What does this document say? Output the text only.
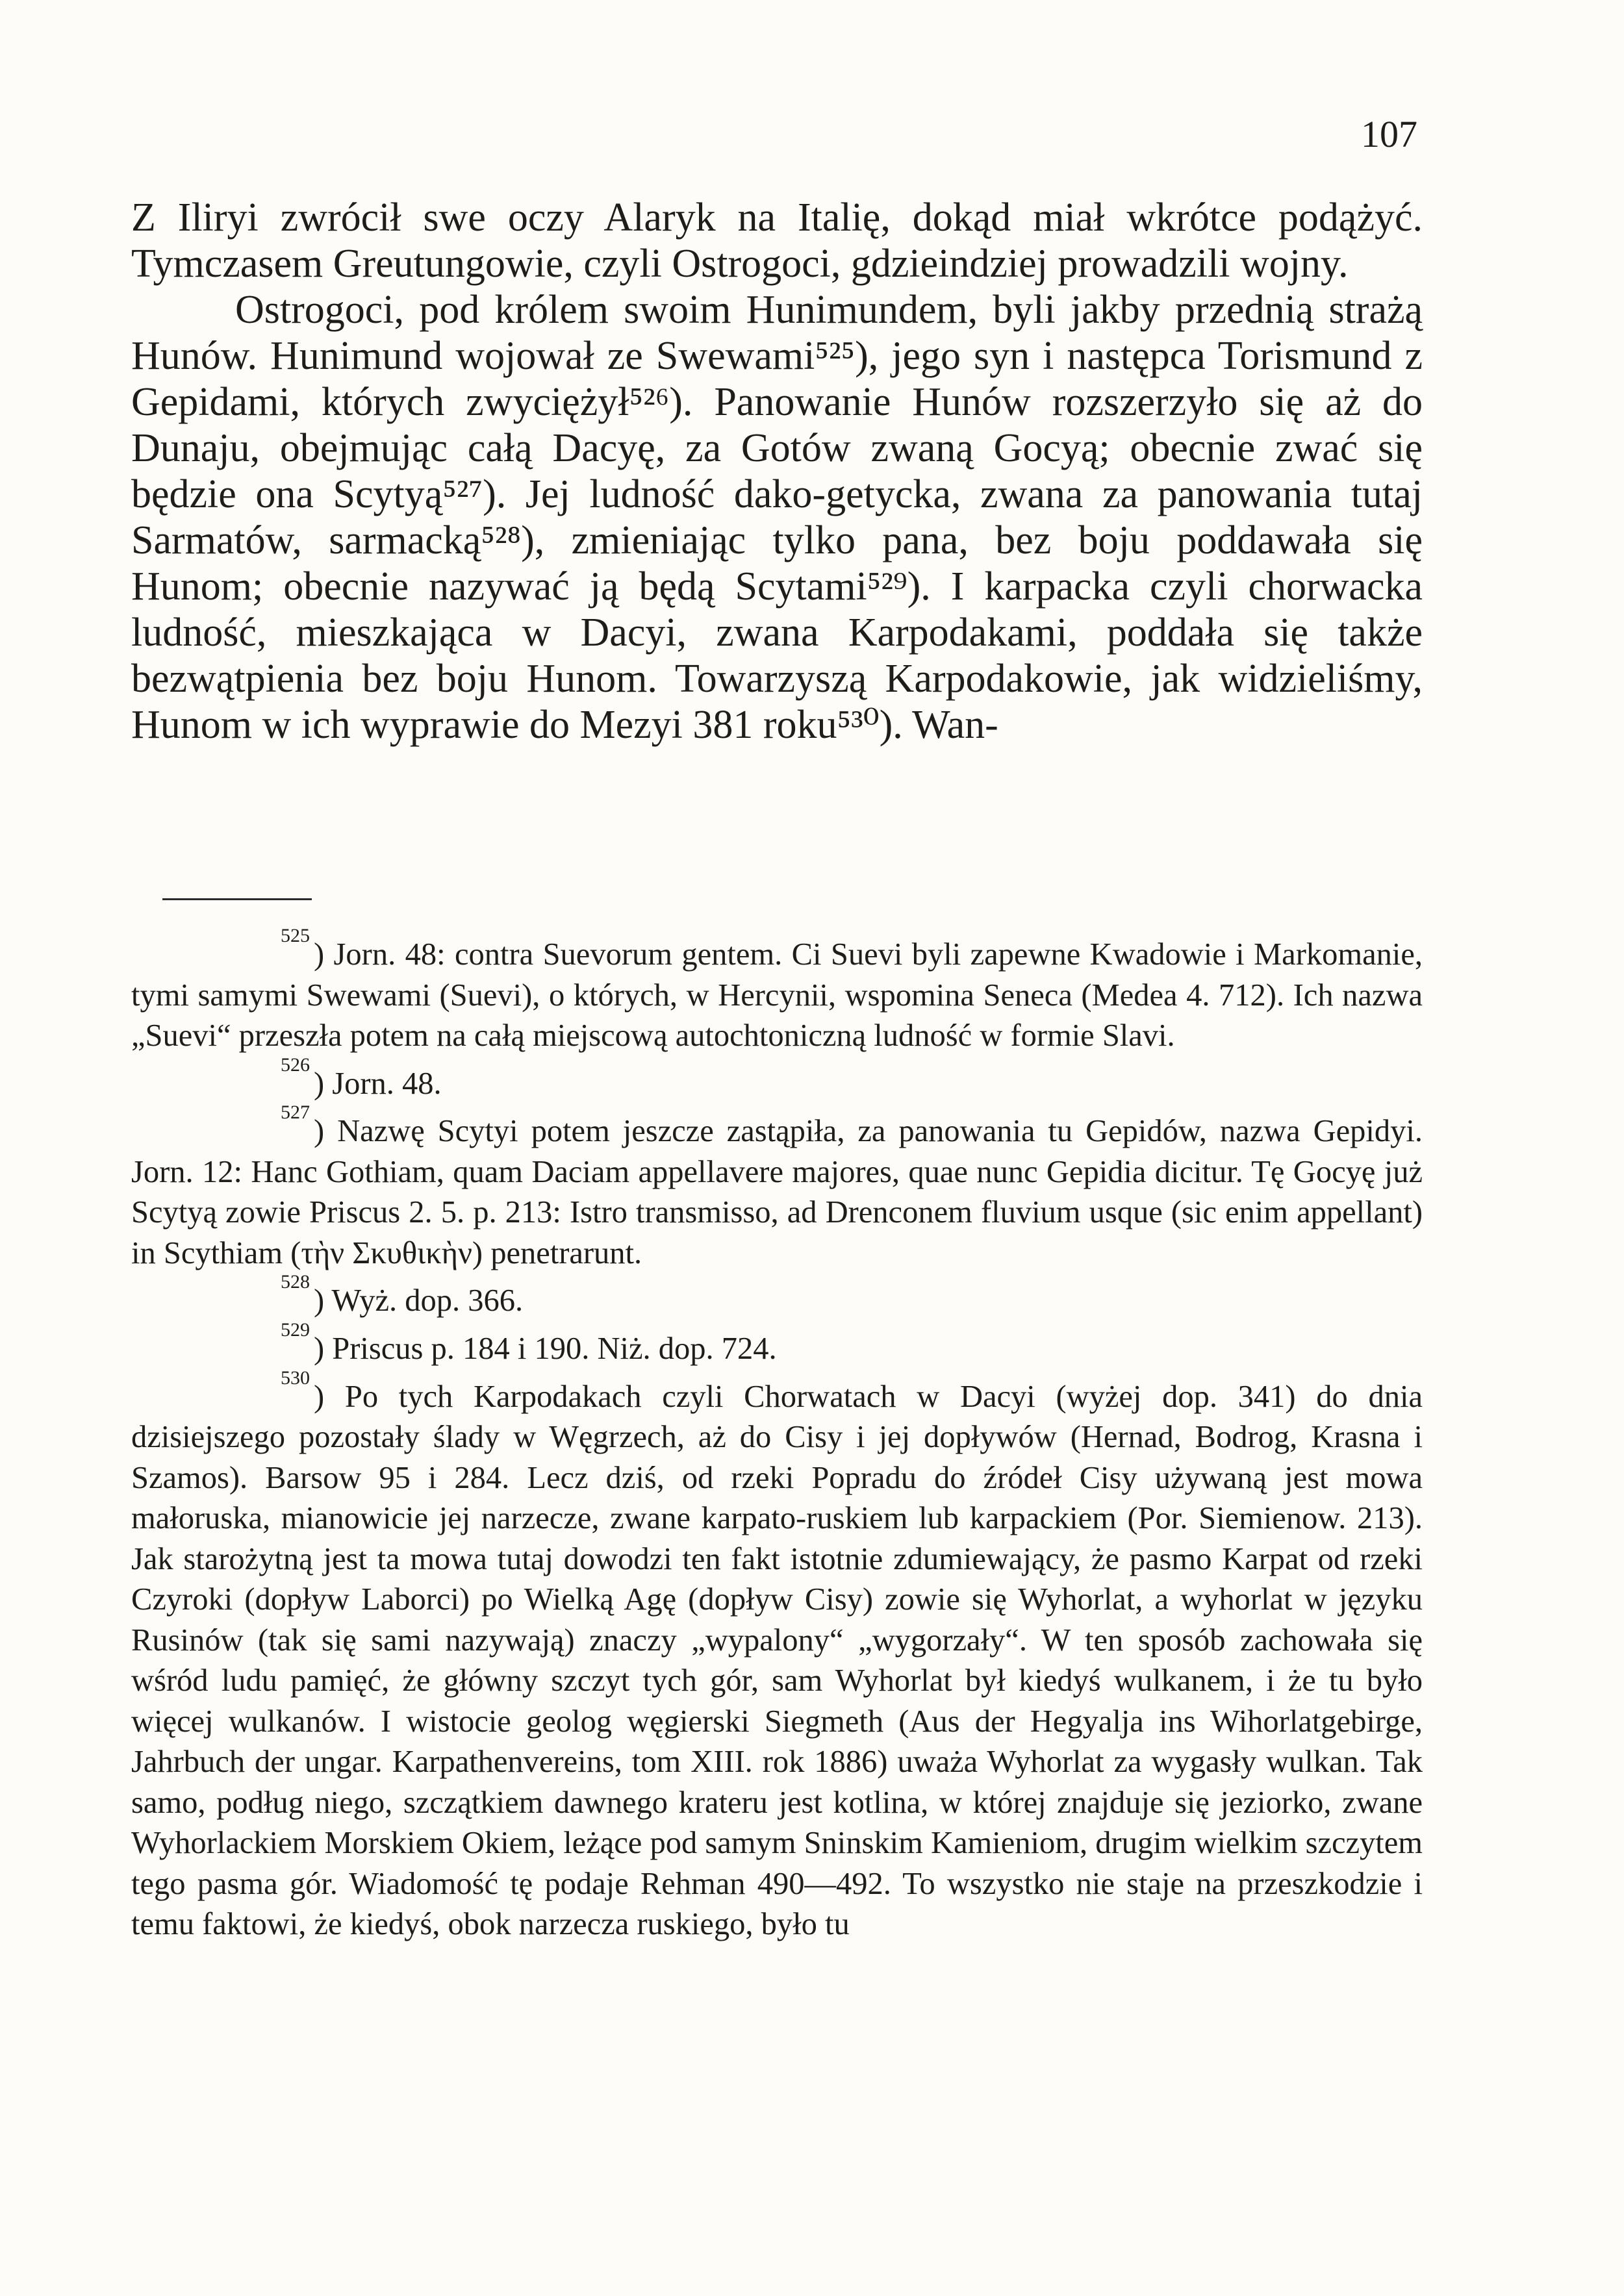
107

Z Iliryi zwrócił swe oczy Alaryk na Italię, dokąd miał wkrótce podążyć. Tymczasem Greutungowie, czyli Ostrogoci, gdzieindziej prowadzili wojny.

Ostrogoci, pod królem swoim Hunimundem, byli jakby przednią strażą Hunów. Hunimund wojował ze Swewami⁵²⁵), jego syn i następca Torismund z Gepidami, których zwyciężył⁵²⁶). Panowanie Hunów rozszerzyło się aż do Dunaju, obejmując całą Dacyę, za Gotów zwaną Gocyą; obecnie zwać się będzie ona Scytyą⁵²⁷). Jej ludność dako-getycka, zwana za panowania tutaj Sarmatów, sarmacką⁵²⁸), zmieniając tylko pana, bez boju poddawała się Hunom; obecnie nazywać ją będą Scytami⁵²⁹). I karpacka czyli chorwacka ludność, mieszkająca w Dacyi, zwana Karpodakami, poddała się także bezwątpienia bez boju Hunom. Towarzyszą Karpodakowie, jak widzieliśmy, Hunom w ich wyprawie do Mezyi 381 roku⁵³⁰). Wan-

$^{525}$) Jorn. 48: contra Suevorum gentem. Ci Suevi byli zapewne Kwadowie i Markomanie, tymi samymi Swewami (Suevi), o których, w Hercynii, wspomina Seneca (Medea 4. 712). Ich nazwa „Suevi“ przeszła potem na całą miejscową autochtoniczną ludność w formie Slavi.

$^{526}$) Jorn. 48.

$^{527}$) Nazwę Scytyi potem jeszcze zastąpiła, za panowania tu Gepidów, nazwa Gepidyi. Jorn. 12: Hanc Gothiam, quam Daciam appellavere majores, quae nunc Gepidia dicitur. Tę Gocyę już Scytyą zowie Priscus 2. 5. p. 213: Istro transmisso, ad Drenconem fluvium usque (sic enim appellant) in Scythiam (τὴν Σκυθικὴν) penetrarunt.

$^{528}$) Wyż. dop. 366.

$^{529}$) Priscus p. 184 i 190. Niż. dop. 724.

$^{530}$) Po tych Karpodakach czyli Chorwatach w Dacyi (wyżej dop. 341) do dnia dzisiejszego pozostały ślady w Węgrzech, aż do Cisy i jej dopływów (Hernad, Bodrog, Krasna i Szamos). Barsow 95 i 284. Lecz dziś, od rzeki Popradu do źródeł Cisy używaną jest mowa małoruska, mianowicie jej narzecze, zwane karpato-ruskiem lub karpackiem (Por. Siemienow. 213). Jak starożytną jest ta mowa tutaj dowodzi ten fakt istotnie zdumiewający, że pasmo Karpat od rzeki Czyroki (dopływ Laborci) po Wielką Agę (dopływ Cisy) zowie się Wyhorlat, a wyhorlat w języku Rusinów (tak się sami nazywają) znaczy „wypalony“ „wygorzały“. W ten sposób zachowała się wśród ludu pamięć, że główny szczyt tych gór, sam Wyhorlat był kiedyś wulkanem, i że tu było więcej wulkanów. I wistocie geolog węgierski Siegmeth (Aus der Hegyalja ins Wihorlatgebirge, Jahrbuch der ungar. Karpathenvereins, tom XIII. rok 1886) uważa Wyhorlat za wygasły wulkan. Tak samo, podług niego, szczątkiem dawnego krateru jest kotlina, w której znajduje się jeziorko, zwane Wyhorlackiem Morskiem Okiem, leżące pod samym Sninskim Kamieniom, drugim wielkim szczytem tego pasma gór. Wiadomość tę podaje Rehman 490—492. To wszystko nie staje na przeszkodzie i temu faktowi, że kiedyś, obok narzecza ruskiego, było tu
